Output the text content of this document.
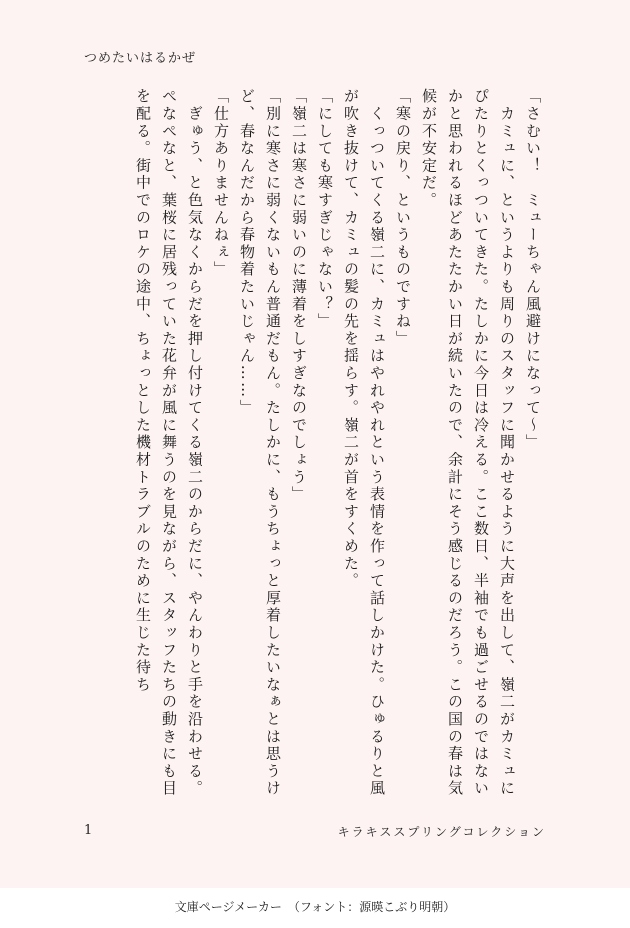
つめたいはるかぜ

「さむい！　ミューちゃん風避けになって〜」

　カミュに、というよりも周りのスタッフに聞かせるように大声を出して、嶺二がカミュにぴたりとくっついてきた。たしかに今日は冷える。ここ数日、半袖でも過ごせるのではないかと思われるほどあたたかい日が続いたので、余計にそう感じるのだろう。この国の春は気候が不安定だ。

「寒の戻り、というものですね」

　くっついてくる嶺二に、カミュはやれやれという表情を作って話しかけた。ひゅるりと風が吹き抜けて、カミュの髪の先を揺らす。嶺二が首をすくめた。

「にしても寒すぎじゃない？」

「嶺二は寒さに弱いのに薄着をしすぎなのでしょう」

「別に寒さに弱くないもん普通だもん。たしかに、もうちょっと厚着したいなぁとは思うけど、春なんだから春物着たいじゃん……」

「仕方ありませんねぇ」

　ぎゅう、と色気なくからだを押し付けてくる嶺二のからだに、やんわりと手を沿わせる。ぺなぺなと、葉桜に居残っていた花弁が風に舞うのを見ながら、スタッフたちの動きにも目を配る。街中でのロケの途中、ちょっとした機材トラブルのために生じた待ち

1	キラキススプリングコレクション
文庫ページメーカー　（フォント：源暎こぶり明朝）
